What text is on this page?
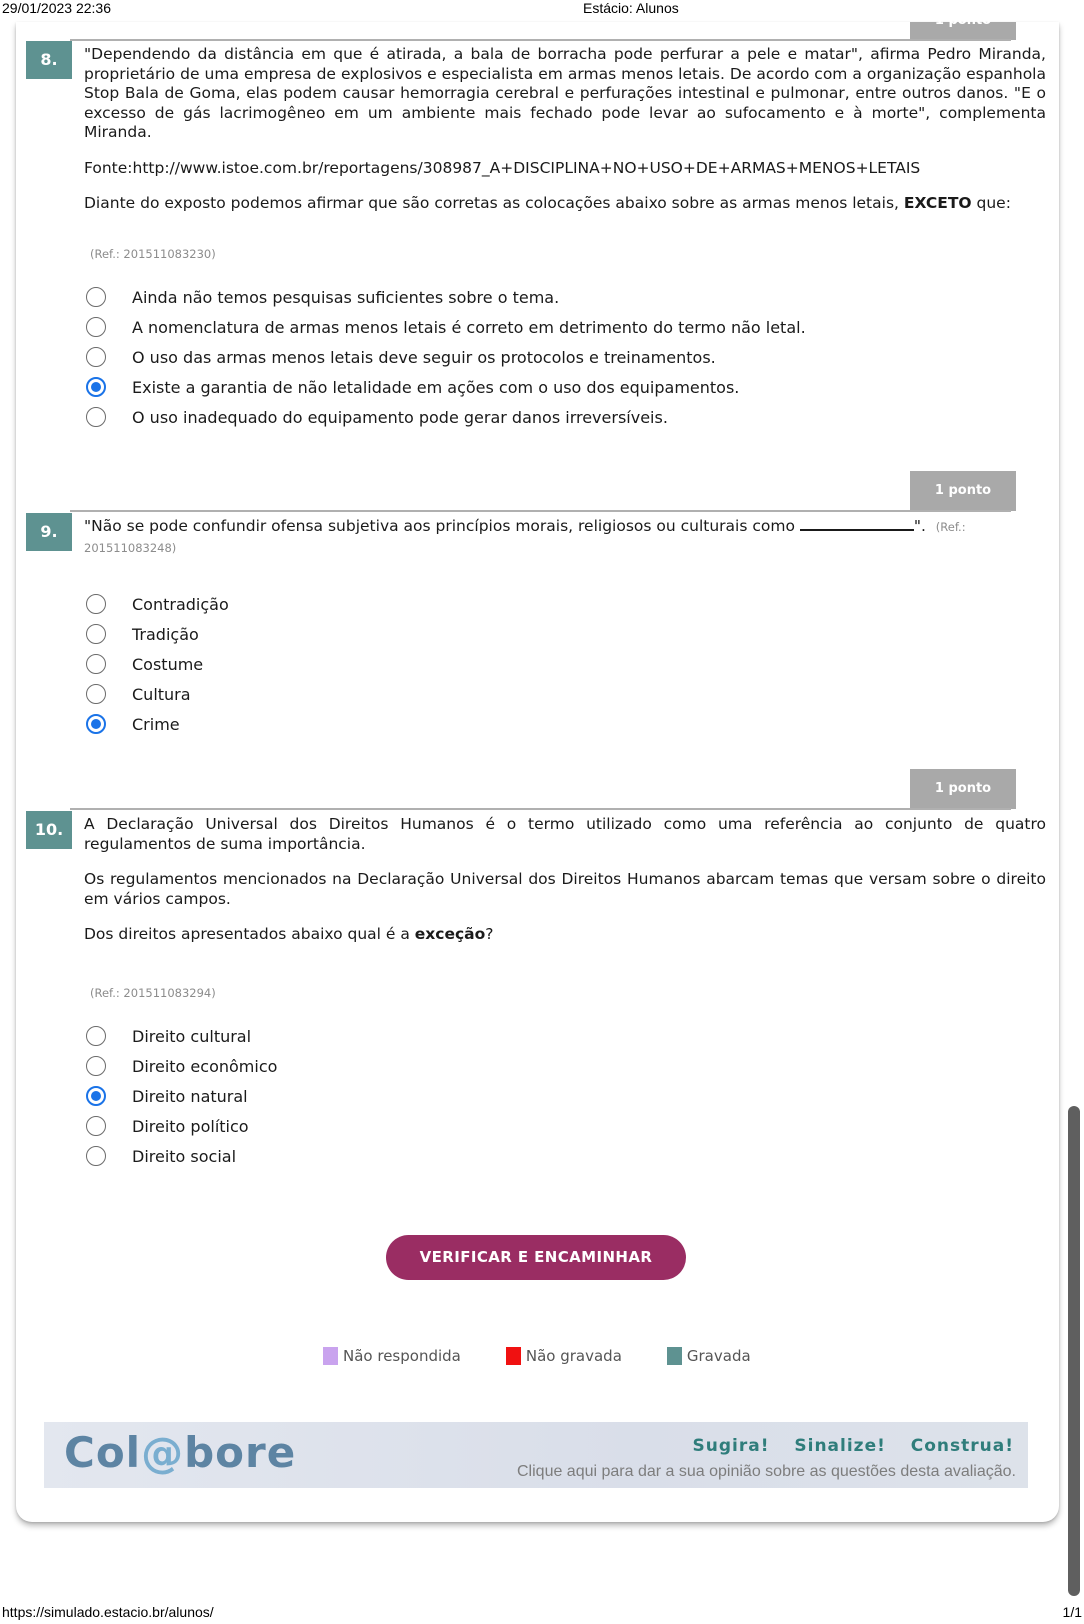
29/01/2023 22:36	Estácio: Alunos
1 ponto
8.	"Dependendo da distância em que é atirada, a bala de borracha pode perfurar a pele e matar", afirma Pedro Miranda, proprietário de uma empresa de explosivos e especialista em armas menos letais. De acordo com a organização espanhola Stop Bala de Goma, elas podem causar hemorragia cerebral e perfurações intestinal e pulmonar, entre outros danos. "E o excesso de gás lacrimogêneo em um ambiente mais fechado pode levar ao sufocamento e à morte", complementa Miranda.

Fonte:http://www.istoe.com.br/reportagens/308987_A+DISCIPLINA+NO+USO+DE+ARMAS+MENOS+LETAIS

Diante do exposto podemos afirmar que são corretas as colocações abaixo sobre as armas menos letais, EXCETO que:

(Ref.: 201511083230)
Ainda não temos pesquisas suficientes sobre o tema.
A nomenclatura de armas menos letais é correto em detrimento do termo não letal.
O uso das armas menos letais deve seguir os protocolos e treinamentos.
Existe a garantia de não letalidade em ações com o uso dos equipamentos.
O uso inadequado do equipamento pode gerar danos irreversíveis.
1 ponto
9.	"Não se pode confundir ofensa subjetiva aos princípios morais, religiosos ou culturais como	". (Ref.: 201511083248)
Contradição
Tradição
Costume
Cultura
Crime
1 ponto
10.	A Declaração Universal dos Direitos Humanos é o termo utilizado como uma referência ao conjunto de quatro regulamentos de suma importância.

Os regulamentos mencionados na Declaração Universal dos Direitos Humanos abarcam temas que versam sobre o direito em vários campos.

Dos direitos apresentados abaixo qual é a exceção?

(Ref.: 201511083294)
Direito cultural
Direito econômico
Direito natural
Direito político
Direito social
VERIFICAR E ENCAMINHAR
Não respondida	Não gravada	Gravada
Col@bore	Sugira! Sinalize! Construa!
Clique aqui para dar a sua opinião sobre as questões desta avaliação.
https://simulado.estacio.br/alunos/	1/1
